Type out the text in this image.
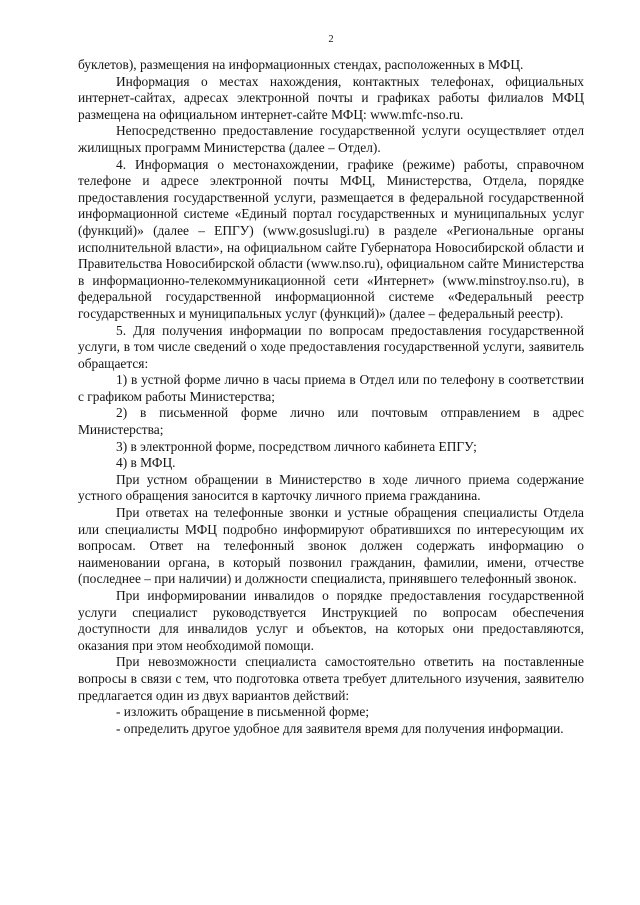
2

буклетов), размещения на информационных стендах, расположенных в МФЦ.

Информация о местах нахождения, контактных телефонах, официальных интернет-сайтах, адресах электронной почты и графиках работы филиалов МФЦ размещена на официальном интернет-сайте МФЦ: www.mfc-nso.ru.

Непосредственно предоставление государственной услуги осуществляет отдел жилищных программ Министерства (далее – Отдел).

4. Информация о местонахождении, графике (режиме) работы, справочном телефоне и адресе электронной почты МФЦ, Министерства, Отдела, порядке предоставления государственной услуги, размещается в федеральной государственной информационной системе «Единый портал государственных и муниципальных услуг (функций)» (далее – ЕПГУ) (www.gosuslugi.ru) в разделе «Региональные органы исполнительной власти», на официальном сайте Губернатора Новосибирской области и Правительства Новосибирской области (www.nso.ru), официальном сайте Министерства в информационно-телекоммуникационной сети «Интернет» (www.minstroy.nso.ru), в федеральной государственной информационной системе «Федеральный реестр государственных и муниципальных услуг (функций)» (далее – федеральный реестр).

5. Для получения информации по вопросам предоставления государственной услуги, в том числе сведений о ходе предоставления государственной услуги, заявитель обращается:

1) в устной форме лично в часы приема в Отдел или по телефону в соответствии с графиком работы Министерства;

2) в письменной форме лично или почтовым отправлением в адрес Министерства;

3) в электронной форме, посредством личного кабинета ЕПГУ;

4) в МФЦ.

При устном обращении в Министерство в ходе личного приема содержание устного обращения заносится в карточку личного приема гражданина.

При ответах на телефонные звонки и устные обращения специалисты Отдела или специалисты МФЦ подробно информируют обратившихся по интересующим их вопросам. Ответ на телефонный звонок должен содержать информацию о наименовании органа, в который позвонил гражданин, фамилии, имени, отчестве (последнее – при наличии) и должности специалиста, принявшего телефонный звонок.

При информировании инвалидов о порядке предоставления государственной услуги специалист руководствуется Инструкцией по вопросам обеспечения доступности для инвалидов услуг и объектов, на которых они предоставляются, оказания при этом необходимой помощи.

При невозможности специалиста самостоятельно ответить на поставленные вопросы в связи с тем, что подготовка ответа требует длительного изучения, заявителю предлагается один из двух вариантов действий:

- изложить обращение в письменной форме;

- определить другое удобное для заявителя время для получения информации.
